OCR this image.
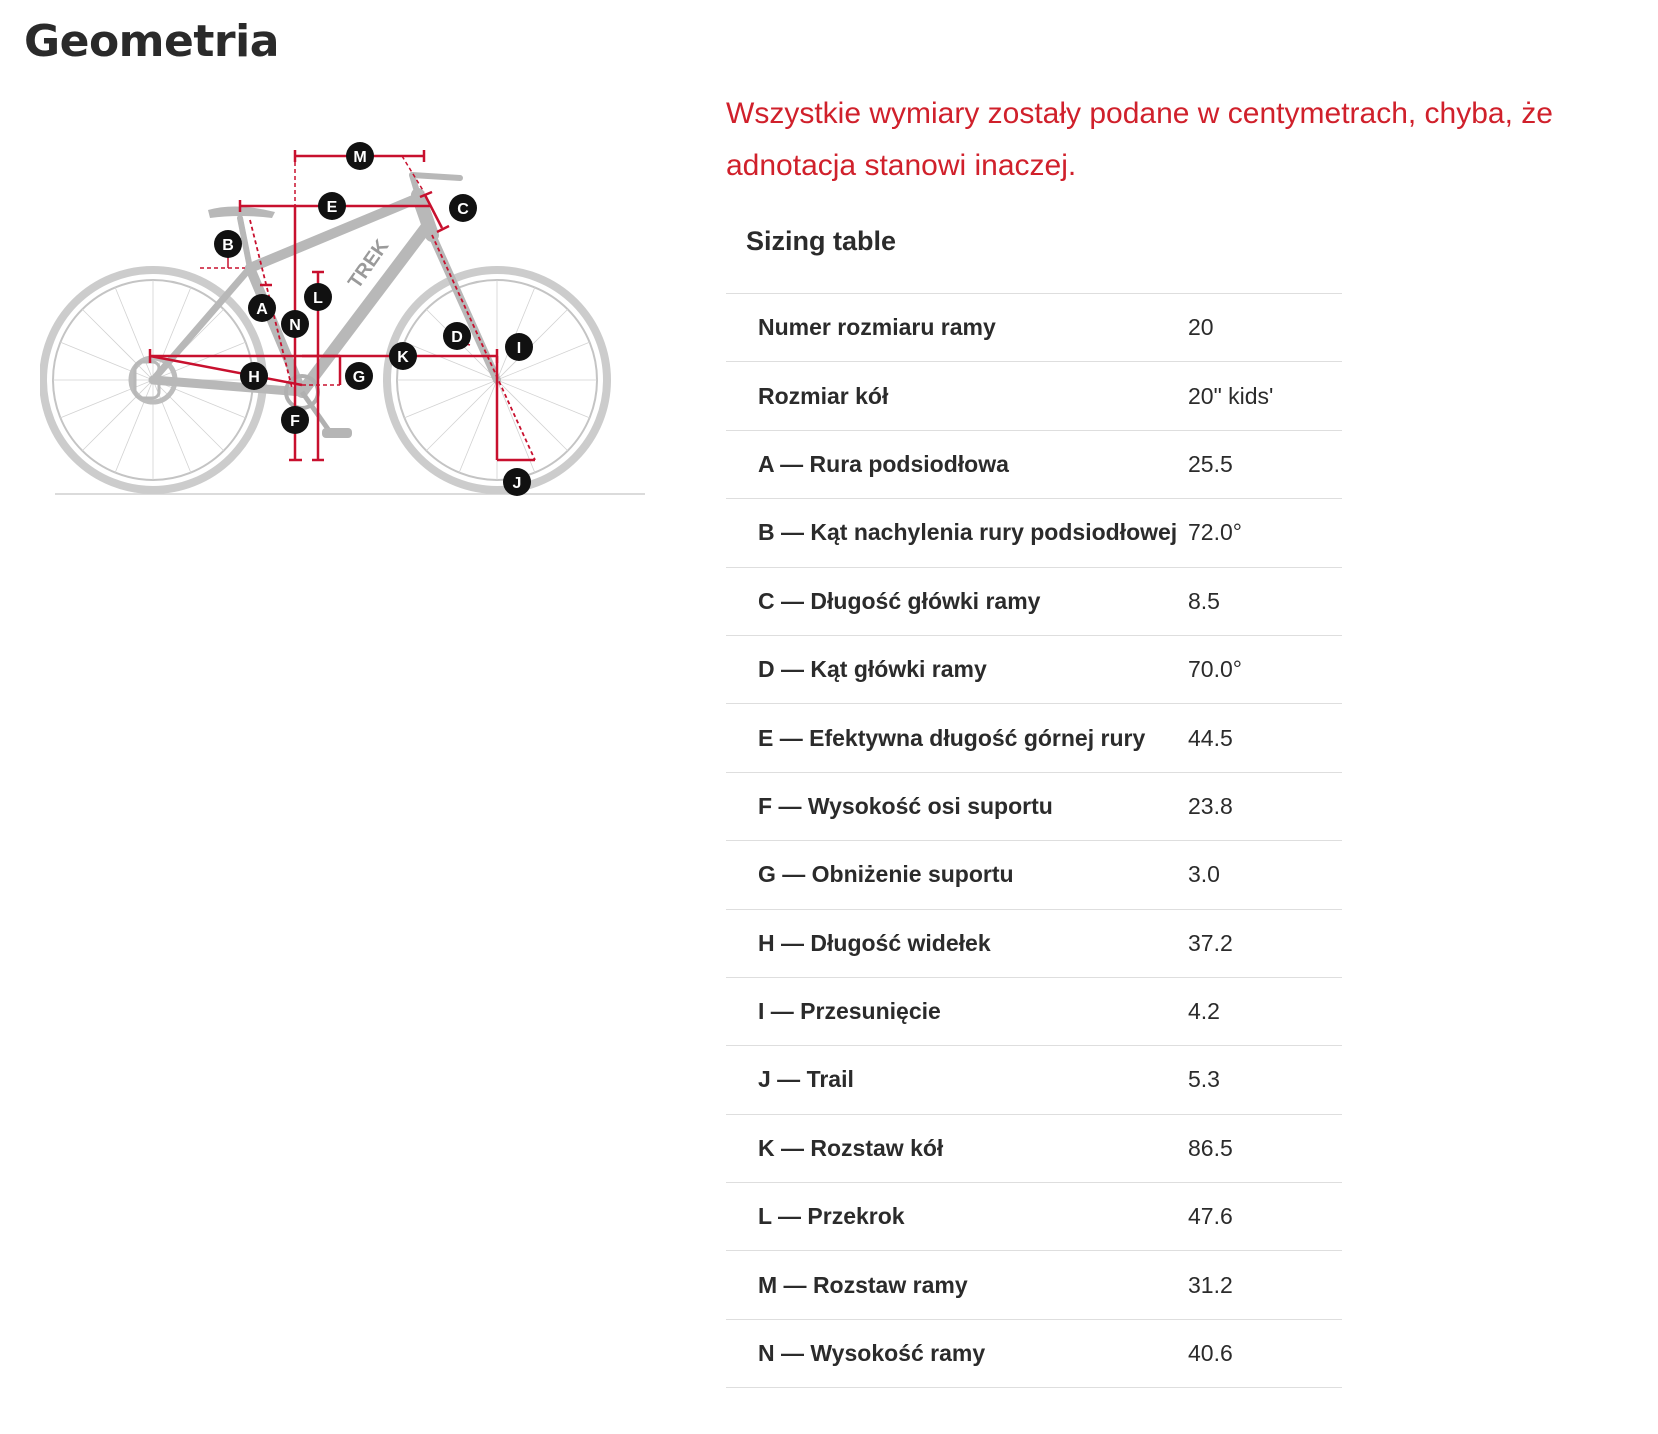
Geometria
TREK
M
E	C
B
L
A
N
D
I
K
H	G
F
J

Wszystkie wymiary zostały podane w centymetrach, chyba, że adnotacja stanowi inaczej.

Sizing table
Numer rozmiaru ramy	20
Rozmiar kół	20" kids'
A — Rura podsiodłowa	25.5
B — Kąt nachylenia rury podsiodłowej 72.0°
C — Długość główki ramy	8.5
D — Kąt główki ramy	70.0°
E — Efektywna długość górnej rury	44.5
F — Wysokość osi suportu	23.8
G — Obniżenie suportu	3.0
H — Długość widełek	37.2
I — Przesunięcie	4.2
J — Trail	5.3
K — Rozstaw kół	86.5
L — Przekrok	47.6
M — Rozstaw ramy	31.2
N — Wysokość ramy	40.6
